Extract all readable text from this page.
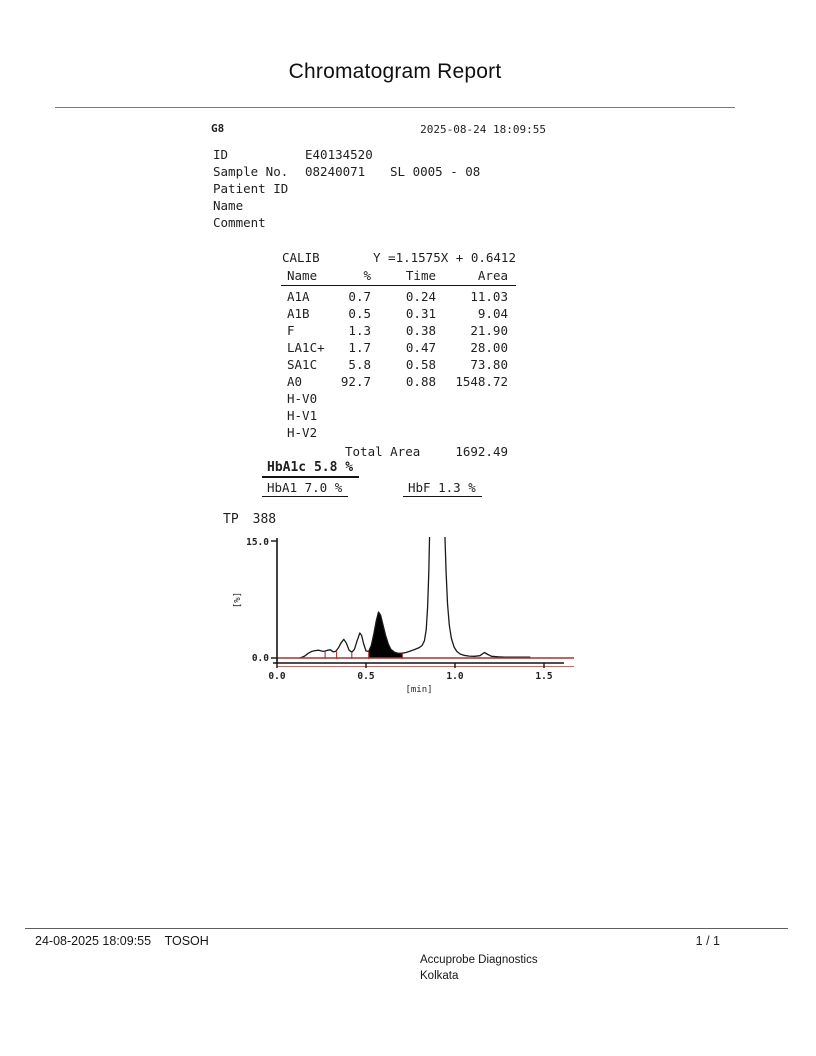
Chromatogram Report
G8	2025-08-24 18:09:55
ID	E40134520
Sample No. 08240071 SL 0005 - 08
Patient ID
Name
Comment
CALIB	Y =1.1575X + 0.6412
Name	%	Time	Area
A1A	0.7	0.24	11.03
A1B	0.5	0.31	9.04
F	1.3	0.38	21.90
LA1C+	1.7	0.47	28.00
SA1C	5.8	0.58	73.80
A0	92.7	0.88	1548.72
H-V0
H-V1
H-V2
Total Area	1692.49
HbA1c 5.8 %
HbA1 7.0 %	HbF 1.3 %
TP 388
15.0
0.0
0.0	0.5	1.0	1.5
[min]
[%]
24-08-2025 18:09:55 TOSOH	1 / 1
Accuprobe Diagnostics
Kolkata
